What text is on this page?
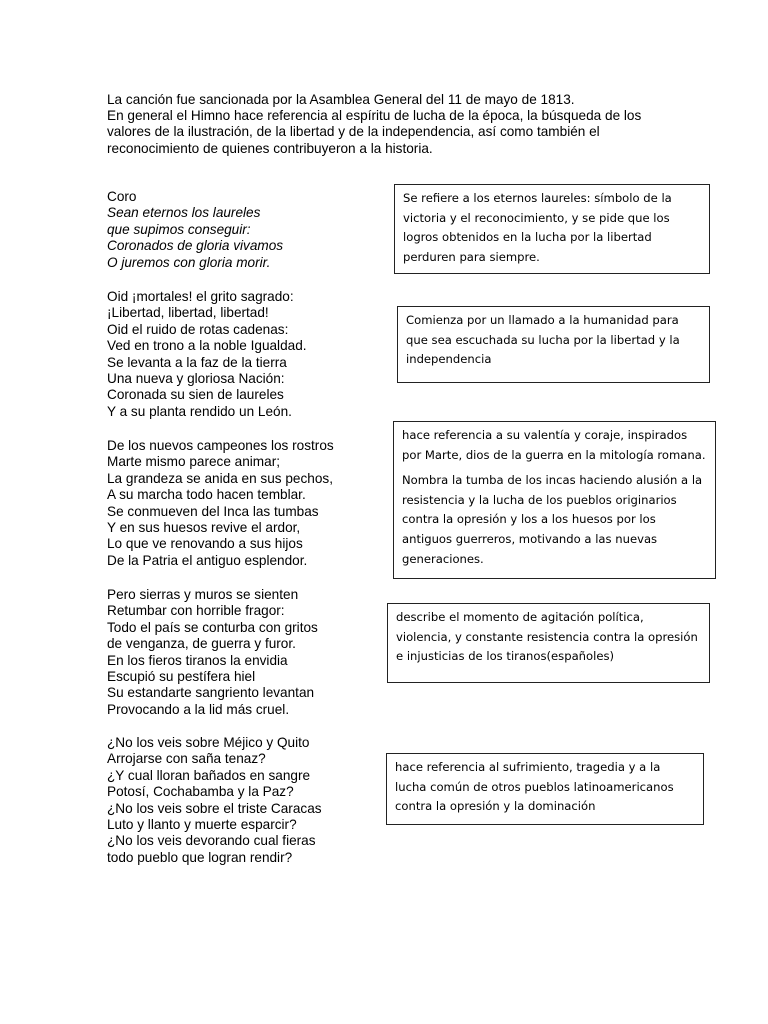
La canción fue sancionada por la Asamblea General del 11 de mayo de 1813.

En general el Himno hace referencia al espíritu de lucha de la época, la búsqueda de los valores de la ilustración, de la libertad y de la independencia, así como también el reconocimiento de quienes contribuyeron a la historia.

Coro
Sean eternos los laureles
que supimos conseguir:
Coronados de gloria vivamos
O juremos con gloria morir.
Oid ¡mortales! el grito sagrado:
¡Libertad, libertad, libertad!
Oid el ruido de rotas cadenas:
Ved en trono a la noble Igualdad.
Se levanta a la faz de la tierra
Una nueva y gloriosa Nación:
Coronada su sien de laureles
Y a su planta rendido un León.
De los nuevos campeones los rostros
Marte mismo parece animar;
La grandeza se anida en sus pechos,
A su marcha todo hacen temblar.
Se conmueven del Inca las tumbas
Y en sus huesos revive el ardor,
Lo que ve renovando a sus hijos
De la Patria el antiguo esplendor.
Pero sierras y muros se sienten
Retumbar con horrible fragor:
Todo el país se conturba con gritos
de venganza, de guerra y furor.
En los fieros tiranos la envidia
Escupió su pestífera hiel
Su estandarte sangriento levantan
Provocando a la lid más cruel.
¿No los veis sobre Méjico y Quito
Arrojarse con saña tenaz?
¿Y cual lloran bañados en sangre
Potosí, Cochabamba y la Paz?
¿No los veis sobre el triste Caracas
Luto y llanto y muerte esparcir?
¿No los veis devorando cual fieras
todo pueblo que logran rendir?

Se refiere a los eternos laureles: símbolo de la victoria y el reconocimiento, y se pide que los logros obtenidos en la lucha por la libertad perduren para siempre.

Comienza por un llamado a la humanidad para que sea escuchada su lucha por la libertad y la independencia

hace referencia a su valentía y coraje, inspirados por Marte, dios de la guerra en la mitología romana.

Nombra la tumba de los incas haciendo alusión a la resistencia y la lucha de los pueblos originarios contra la opresión y los a los huesos por los antiguos guerreros, motivando a las nuevas generaciones.

describe el momento de agitación política, violencia, y constante resistencia contra la opresión e injusticias de los tiranos(españoles)

hace referencia al sufrimiento, tragedia y a la lucha común de otros pueblos latinoamericanos contra la opresión y la dominación
